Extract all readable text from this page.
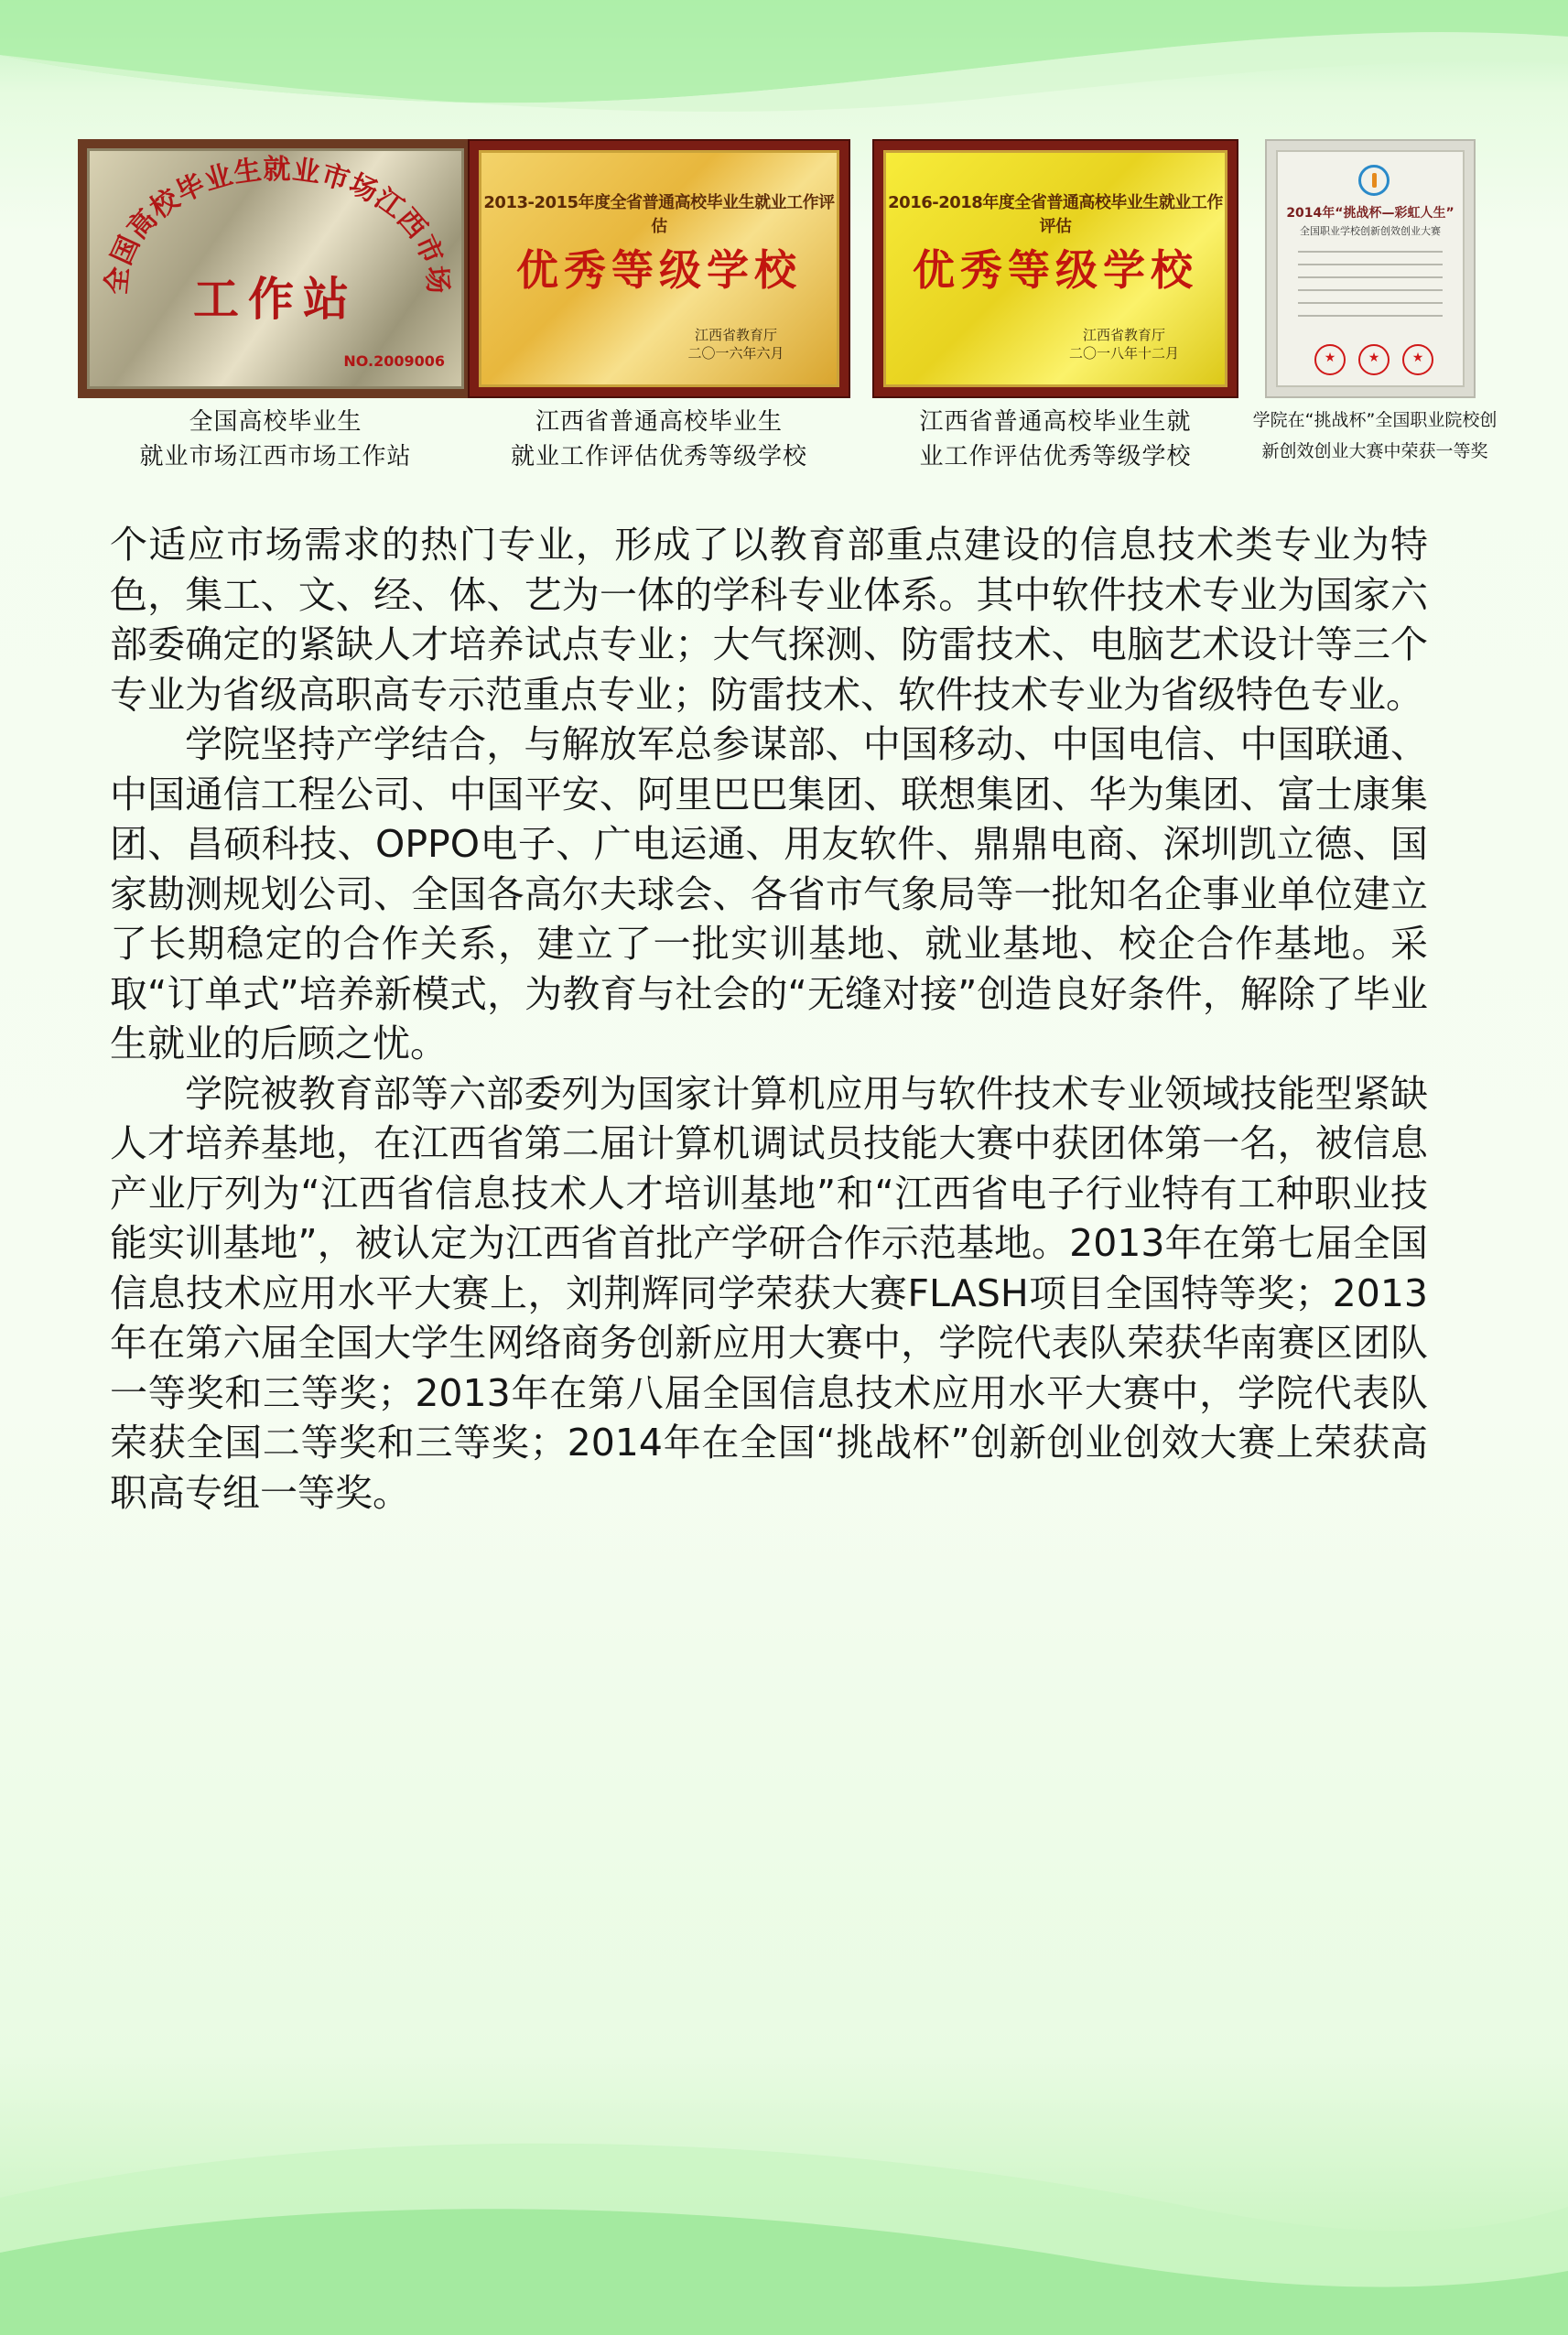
全国高校毕业生就业市场江西市场
工作站
NO.2009006
全国高校毕业生
就业市场江西市场工作站
2013-2015年度全省普通高校毕业生就业工作评估
优秀等级学校
江西省教育厅
二〇一六年六月
江西省普通高校毕业生
就业工作评估优秀等级学校
2016-2018年度全省普通高校毕业生就业工作评估
优秀等级学校
江西省教育厅
二〇一八年十二月
江西省普通高校毕业生就
业工作评估优秀等级学校
2014年“挑战杯—彩虹人生”
全国职业学校创新创效创业大赛
★
★
★
学院在“挑战杯”全国职业院校创
新创效创业大赛中荣获一等奖

个适应市场需求的热门专业，形成了以教育部重点建设的信息技术类专业为特色，集工、文、经、体、艺为一体的学科专业体系。其中软件技术专业为国家六部委确定的紧缺人才培养试点专业；大气探测、防雷技术、电脑艺术设计等三个专业为省级高职高专示范重点专业；防雷技术、软件技术专业为省级特色专业。

学院坚持产学结合，与解放军总参谋部、中国移动、中国电信、中国联通、中国通信工程公司、中国平安、阿里巴巴集团、联想集团、华为集团、富士康集团、昌硕科技、OPPO电子、广电运通、用友软件、鼎鼎电商、深圳凯立德、国家勘测规划公司、全国各高尔夫球会、各省市气象局等一批知名企事业单位建立了长期稳定的合作关系，建立了一批实训基地、就业基地、校企合作基地。采取“订单式”培养新模式，为教育与社会的“无缝对接”创造良好条件，解除了毕业生就业的后顾之忧。

学院被教育部等六部委列为国家计算机应用与软件技术专业领域技能型紧缺人才培养基地，在江西省第二届计算机调试员技能大赛中获团体第一名，被信息产业厅列为“江西省信息技术人才培训基地”和“江西省电子行业特有工种职业技能实训基地”，被认定为江西省首批产学研合作示范基地。2013年在第七届全国信息技术应用水平大赛上，刘荆辉同学荣获大赛FLASH项目全国特等奖；2013年在第六届全国大学生网络商务创新应用大赛中，学院代表队荣获华南赛区团队一等奖和三等奖；2013年在第八届全国信息技术应用水平大赛中，学院代表队荣获全国二等奖和三等奖；2014年在全国“挑战杯”创新创业创效大赛上荣获高职高专组一等奖。
